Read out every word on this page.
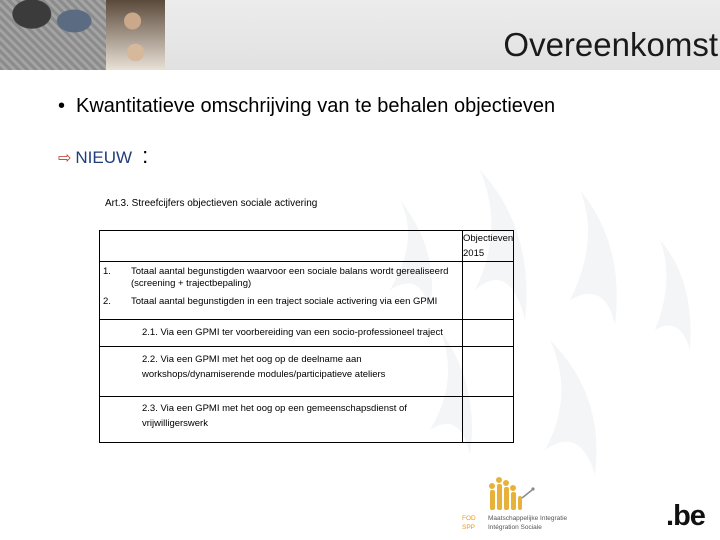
Overeenkomst
• Kwantitatieve omschrijving van te behalen objectieven
⇨ NIEUW :
Art.3. Streefcijfers objectieven sociale activering

	Objectieven
2015

1. Totaal aantal begunstigden waarvoor een sociale balans wordt gerealiseerd (screening + trajectbepaling)
2. Totaal aantal begunstigden in een traject sociale activering via een GPMI	

2.1. Via een GPMI ter voorbereiding van een socio-professioneel traject	

2.2. Via een GPMI met het oog op de deelname aan workshops/dynamiserende modules/participatieve ateliers	

2.3. Via een GPMI met het oog op een gemeenschapsdienst of vrijwilligerswerk	

FOD
SPP
Maatschappelijke Integratie
Intégration Sociale	.be
